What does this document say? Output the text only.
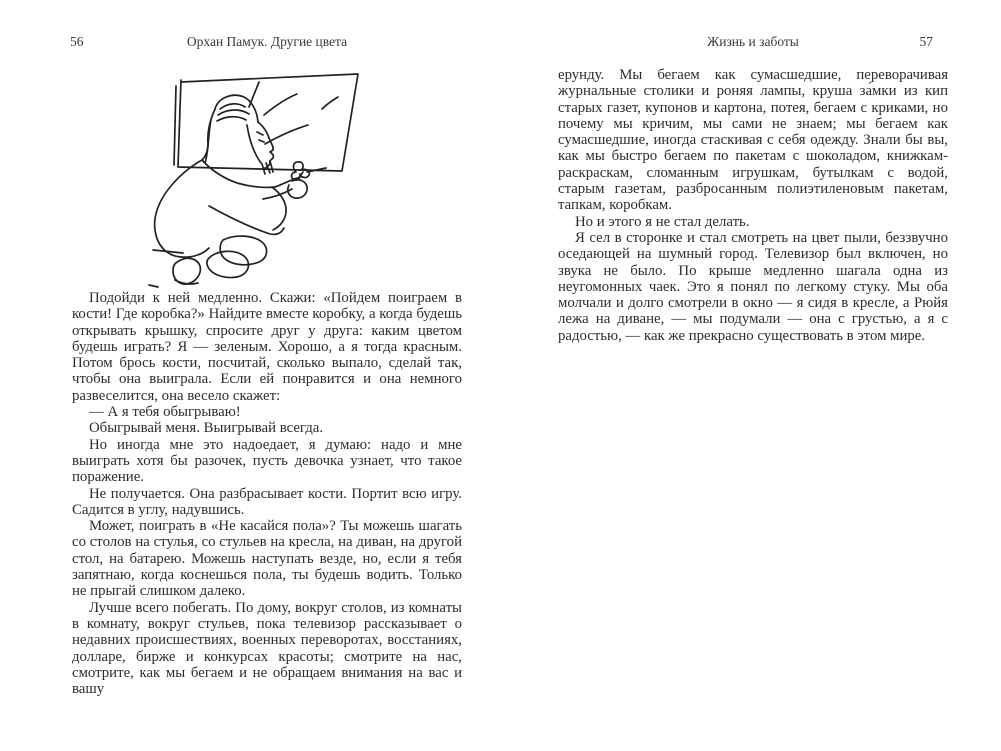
56	Орхан Памук. Другие цвета

Подойди к ней медленно. Скажи: «Пойдем поиграем в кости! Где коробка?» Найдите вместе коробку, а когда будешь открывать крышку, спросите друг у друга: каким цветом будешь играть? Я — зеленым. Хорошо, а я тогда красным. Потом брось кости, посчитай, сколько выпало, сделай так, чтобы она выиграла. Если ей понравится и она немного развеселится, она весело скажет:

— А я тебя обыгрываю!

Обыгрывай меня. Выигрывай всегда.

Но иногда мне это надоедает, я думаю: надо и мне выиграть хотя бы разочек, пусть девочка узнает, что такое поражение.

Не получается. Она разбрасывает кости. Портит всю игру. Садится в углу, надувшись.

Может, поиграть в «Не касайся пола»? Ты можешь шагать со столов на стулья, со стульев на кресла, на диван, на другой стол, на батарею. Можешь наступать везде, но, если я тебя запятнаю, когда коснешься пола, ты будешь водить. Только не прыгай слишком далеко.

Лучше всего побегать. По дому, вокруг столов, из комнаты в комнату, вокруг стульев, пока телевизор рассказывает о недавних происшествиях, военных переворотах, восстаниях, долларе, бирже и конкурсах красоты; смотрите на нас, смотрите, как мы бегаем и не обращаем внимания на вас и вашу

Жизнь и заботы	57

ерунду. Мы бегаем как сумасшедшие, переворачивая журнальные столики и роняя лампы, круша за́мки из кип старых газет, купонов и картона, потея, бегаем с криками, но почему мы кричим, мы сами не знаем; мы бегаем как сумасшедшие, иногда стаскивая с себя одежду. Знали бы вы, как мы быстро бегаем по пакетам с шоколадом, книжкам-раскраскам, сломанным игрушкам, бутылкам с водой, старым газетам, разбросанным полиэтиленовым пакетам, тапкам, коробкам.

Но и этого я не стал делать.

Я сел в сторонке и стал смотреть на цвет пыли, беззвучно оседающей на шумный город. Телевизор был включен, но звука не было. По крыше медленно шагала одна из неугомонных чаек. Это я понял по легкому стуку. Мы оба молчали и долго смотрели в окно — я сидя в кресле, а Рюйя лежа на диване, — мы подумали — она с грустью, а я с радостью, — как же прекрасно существовать в этом мире.
